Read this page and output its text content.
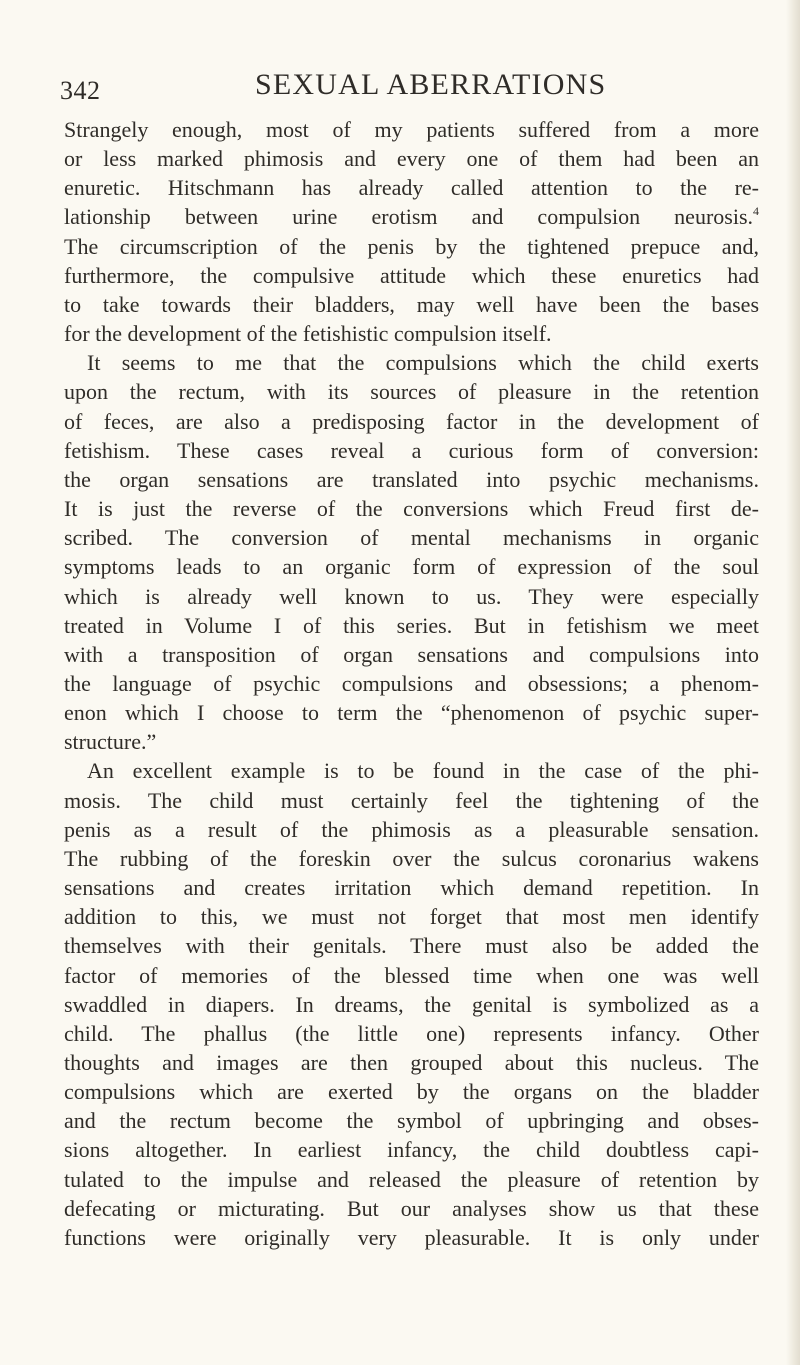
342	SEXUAL ABERRATIONS
Strangely enough, most of my patients suffered from a more
or less marked phimosis and every one of them had been an
enuretic. Hitschmann has already called attention to the re-
lationship between urine erotism and compulsion neurosis.$^4$
The circumscription of the penis by the tightened prepuce and,
furthermore, the compulsive attitude which these enuretics had
to take towards their bladders, may well have been the bases
for the development of the fetishistic compulsion itself.
It seems to me that the compulsions which the child exerts
upon the rectum, with its sources of pleasure in the retention
of feces, are also a predisposing factor in the development of
fetishism. These cases reveal a curious form of conversion:
the organ sensations are translated into psychic mechanisms.
It is just the reverse of the conversions which Freud first de-
scribed. The conversion of mental mechanisms in organic
symptoms leads to an organic form of expression of the soul
which is already well known to us. They were especially
treated in Volume I of this series. But in fetishism we meet
with a transposition of organ sensations and compulsions into
the language of psychic compulsions and obsessions; a phenom-
enon which I choose to term the “phenomenon of psychic super-
structure.”
An excellent example is to be found in the case of the phi-
mosis. The child must certainly feel the tightening of the
penis as a result of the phimosis as a pleasurable sensation.
The rubbing of the foreskin over the sulcus coronarius wakens
sensations and creates irritation which demand repetition. In
addition to this, we must not forget that most men identify
themselves with their genitals. There must also be added the
factor of memories of the blessed time when one was well
swaddled in diapers. In dreams, the genital is symbolized as a
child. The phallus (the little one) represents infancy. Other
thoughts and images are then grouped about this nucleus. The
compulsions which are exerted by the organs on the bladder
and the rectum become the symbol of upbringing and obses-
sions altogether. In earliest infancy, the child doubtless capi-
tulated to the impulse and released the pleasure of retention by
defecating or micturating. But our analyses show us that these
functions were originally very pleasurable. It is only under
